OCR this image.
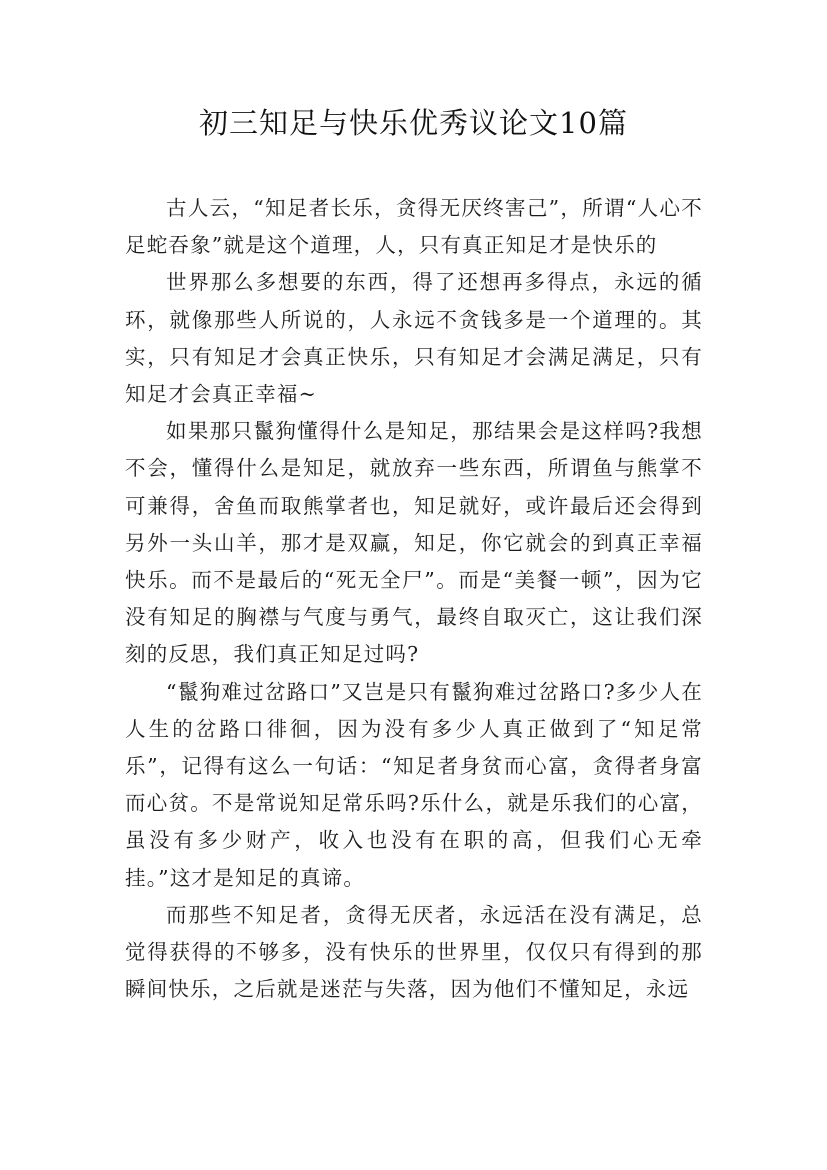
初三知足与快乐优秀议论文10篇

古人云，“知足者长乐，贪得无厌终害己”，所谓“人心不足蛇吞象”就是这个道理，人，只有真正知足才是快乐的

世界那么多想要的东西，得了还想再多得点，永远的循环，就像那些人所说的，人永远不贪钱多是一个道理的。其实，只有知足才会真正快乐，只有知足才会满足满足，只有知足才会真正幸福~

如果那只鬣狗懂得什么是知足，那结果会是这样吗?我想不会，懂得什么是知足，就放弃一些东西，所谓鱼与熊掌不可兼得，舍鱼而取熊掌者也，知足就好，或许最后还会得到另外一头山羊，那才是双赢，知足，你它就会的到真正幸福快乐。而不是最后的“死无全尸”。而是“美餐一顿”，因为它没有知足的胸襟与气度与勇气，最终自取灭亡，这让我们深刻的反思，我们真正知足过吗?

“鬣狗难过岔路口”又岂是只有鬣狗难过岔路口?多少人在人生的岔路口徘徊，因为没有多少人真正做到了“知足常乐”，记得有这么一句话：“知足者身贫而心富，贪得者身富而心贫。不是常说知足常乐吗?乐什么，就是乐我们的心富，虽没有多少财产，收入也没有在职的高，但我们心无牵挂。”这才是知足的真谛。

而那些不知足者，贪得无厌者，永远活在没有满足，总觉得获得的不够多，没有快乐的世界里，仅仅只有得到的那瞬间快乐，之后就是迷茫与失落，因为他们不懂知足，永远
